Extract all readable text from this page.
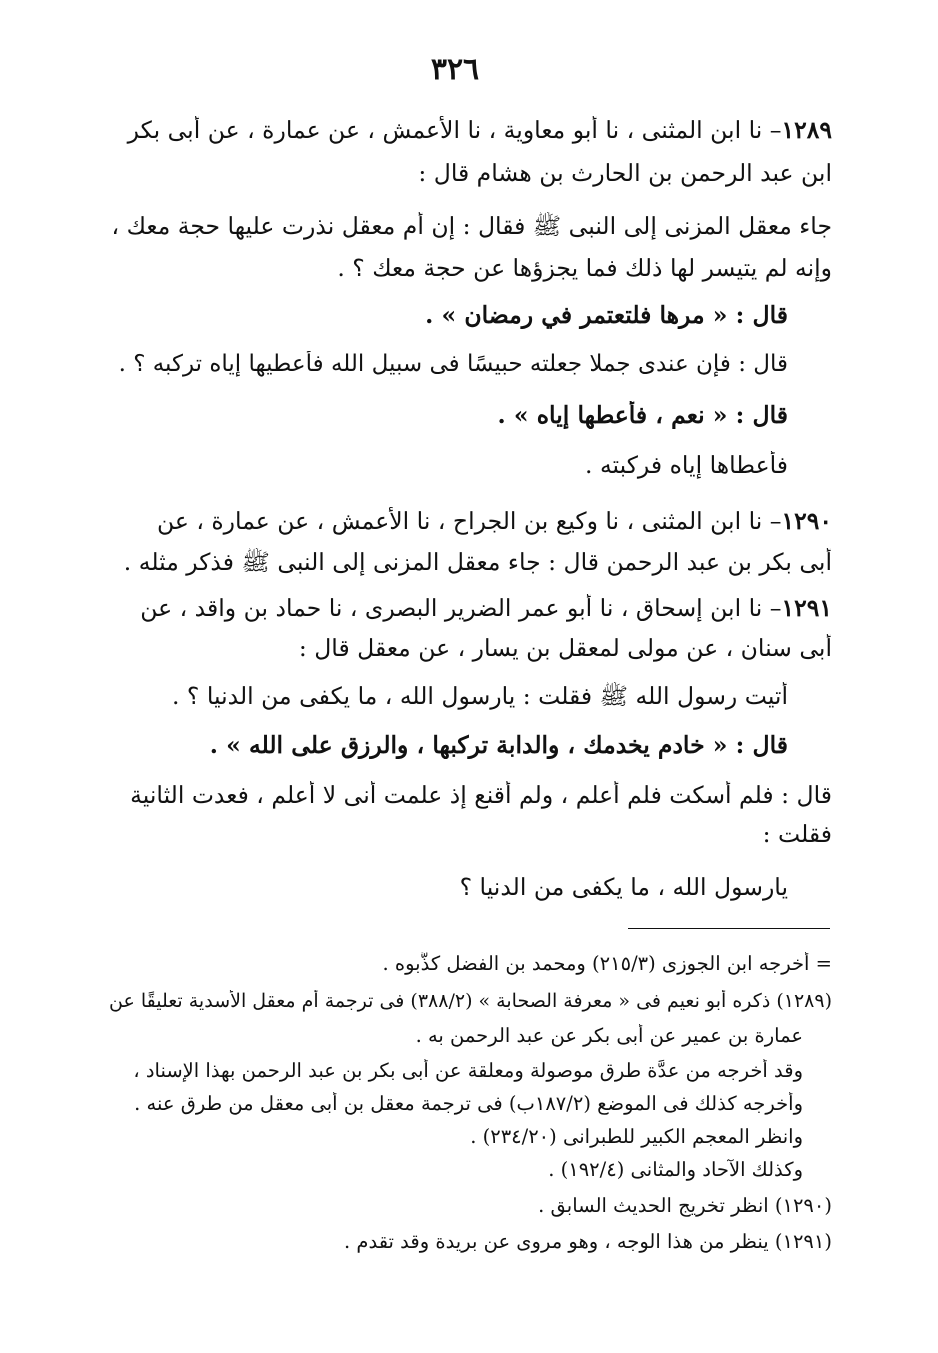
٣٢٦
١٢٨٩– نا ابن المثنى ، نا أبو معاوية ، نا الأعمش ، عن عمارة ، عن أبى بكر
ابن عبد الرحمن بن الحارث بن هشام قال :
جاء معقل المزنى إلى النبى ﷺ فقال : إن أم معقل نذرت عليها حجة معك ،
وإنه لم يتيسر لها ذلك فما يجزؤها عن حجة معك ؟ .
قال : « مرها فلتعتمر في رمضان » .
قال : فإن عندى جملا جعلته حبيسًا فى سبيل الله فأعطيها إياه تركبه ؟ .
قال : « نعم ، فأعطها إياه » .
فأعطاها إياه فركبته .
١٢٩٠– نا ابن المثنى ، نا وكيع بن الجراح ، نا الأعمش ، عن عمارة ، عن
أبى بكر بن عبد الرحمن قال : جاء معقل المزنى إلى النبى ﷺ فذكر مثله .
١٢٩١– نا ابن إسحاق ، نا أبو عمر الضرير البصرى ، نا حماد بن واقد ، عن
أبى سنان ، عن مولى لمعقل بن يسار ، عن معقل قال :
أتيت رسول الله ﷺ فقلت : يارسول الله ، ما يكفى من الدنيا ؟ .
قال : « خادم يخدمك ، والدابة تركبها ، والرزق على الله » .
قال : فلم أسكت فلم أعلم ، ولم أقنع إذ علمت أنى لا أعلم ، فعدت الثانية
فقلت :
يارسول الله ، ما يكفى من الدنيا ؟
= أخرجه ابن الجوزى (٢١٥/٣) ومحمد بن الفضل كذَّبوه .
(١٢٨٩) ذكره أبو نعيم فى « معرفة الصحابة » (٣٨٨/٢) فى ترجمة أم معقل الأسدية تعليقًا عن
عمارة بن عمير عن أبى بكر عن عبد الرحمن به .
وقد أخرجه من عدَّة طرق موصولة ومعلقة عن أبى بكر بن عبد الرحمن بهذا الإسناد ،
وأخرجه كذلك فى الموضع (١٨٧/٢ب) فى ترجمة معقل بن أبى معقل من طرق عنه .
وانظر المعجم الكبير للطبرانى (٢٣٤/٢٠) .
وكذلك الآحاد والمثانى (١٩٢/٤) .
(١٢٩٠) انظر تخريج الحديث السابق .
(١٢٩١) ينظر من هذا الوجه ، وهو مروى عن بريدة وقد تقدم .
